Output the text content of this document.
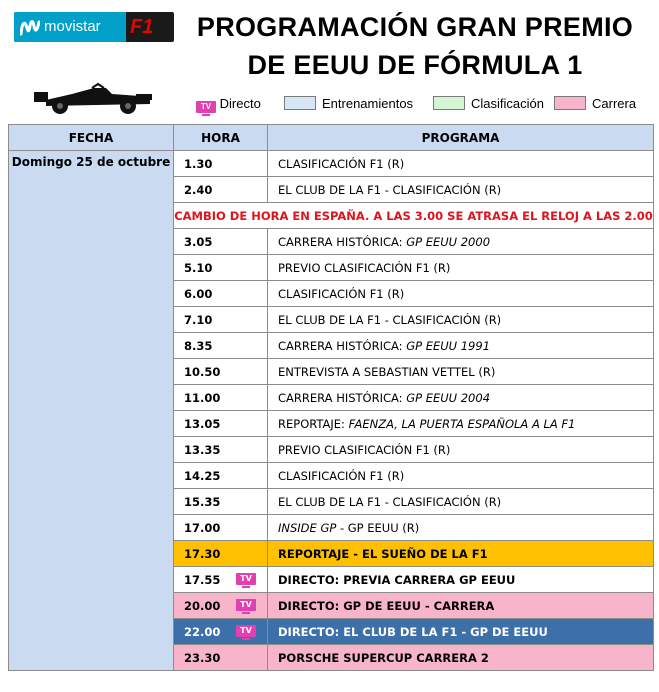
movistar	F1	PROGRAMACIÓN GRAN PREMIO
DE EEUU DE FÓRMULA 1
TV Directo	Entrenamientos	Clasificación	Carrera
FECHA	HORA	PROGRAMA
Domingo 25 de octubre	1.30	CLASIFICACIÓN F1 (R)
	2.40	EL CLUB DE LA F1 - CLASIFICACIÓN (R)
	CAMBIO DE HORA EN ESPAÑA. A LAS 3.00 SE ATRASA EL RELOJ A LAS 2.00	
	3.05	CARRERA HISTÓRICA: GP EEUU 2000
	5.10	PREVIO CLASIFICACIÓN F1 (R)
	6.00	CLASIFICACIÓN F1 (R)
	7.10	EL CLUB DE LA F1 - CLASIFICACIÓN (R)
	8.35	CARRERA HISTÓRICA: GP EEUU 1991
	10.50	ENTREVISTA A SEBASTIAN VETTEL (R)
	11.00	CARRERA HISTÓRICA: GP EEUU 2004
	13.05	REPORTAJE: FAENZA, LA PUERTA ESPAÑOLA A LA F1
	13.35	PREVIO CLASIFICACIÓN F1 (R)
	14.25	CLASIFICACIÓN F1 (R)
	15.35	EL CLUB DE LA F1 - CLASIFICACIÓN (R)
	17.00	INSIDE GP - GP EEUU (R)
	17.30	REPORTAJE - EL SUEÑO DE LA F1
	17.55 TV	DIRECTO: PREVIA CARRERA GP EEUU
	20.00 TV	DIRECTO: GP DE EEUU - CARRERA
	22.00 TV	DIRECTO: EL CLUB DE LA F1 - GP DE EEUU
	23.30	PORSCHE SUPERCUP CARRERA 2
